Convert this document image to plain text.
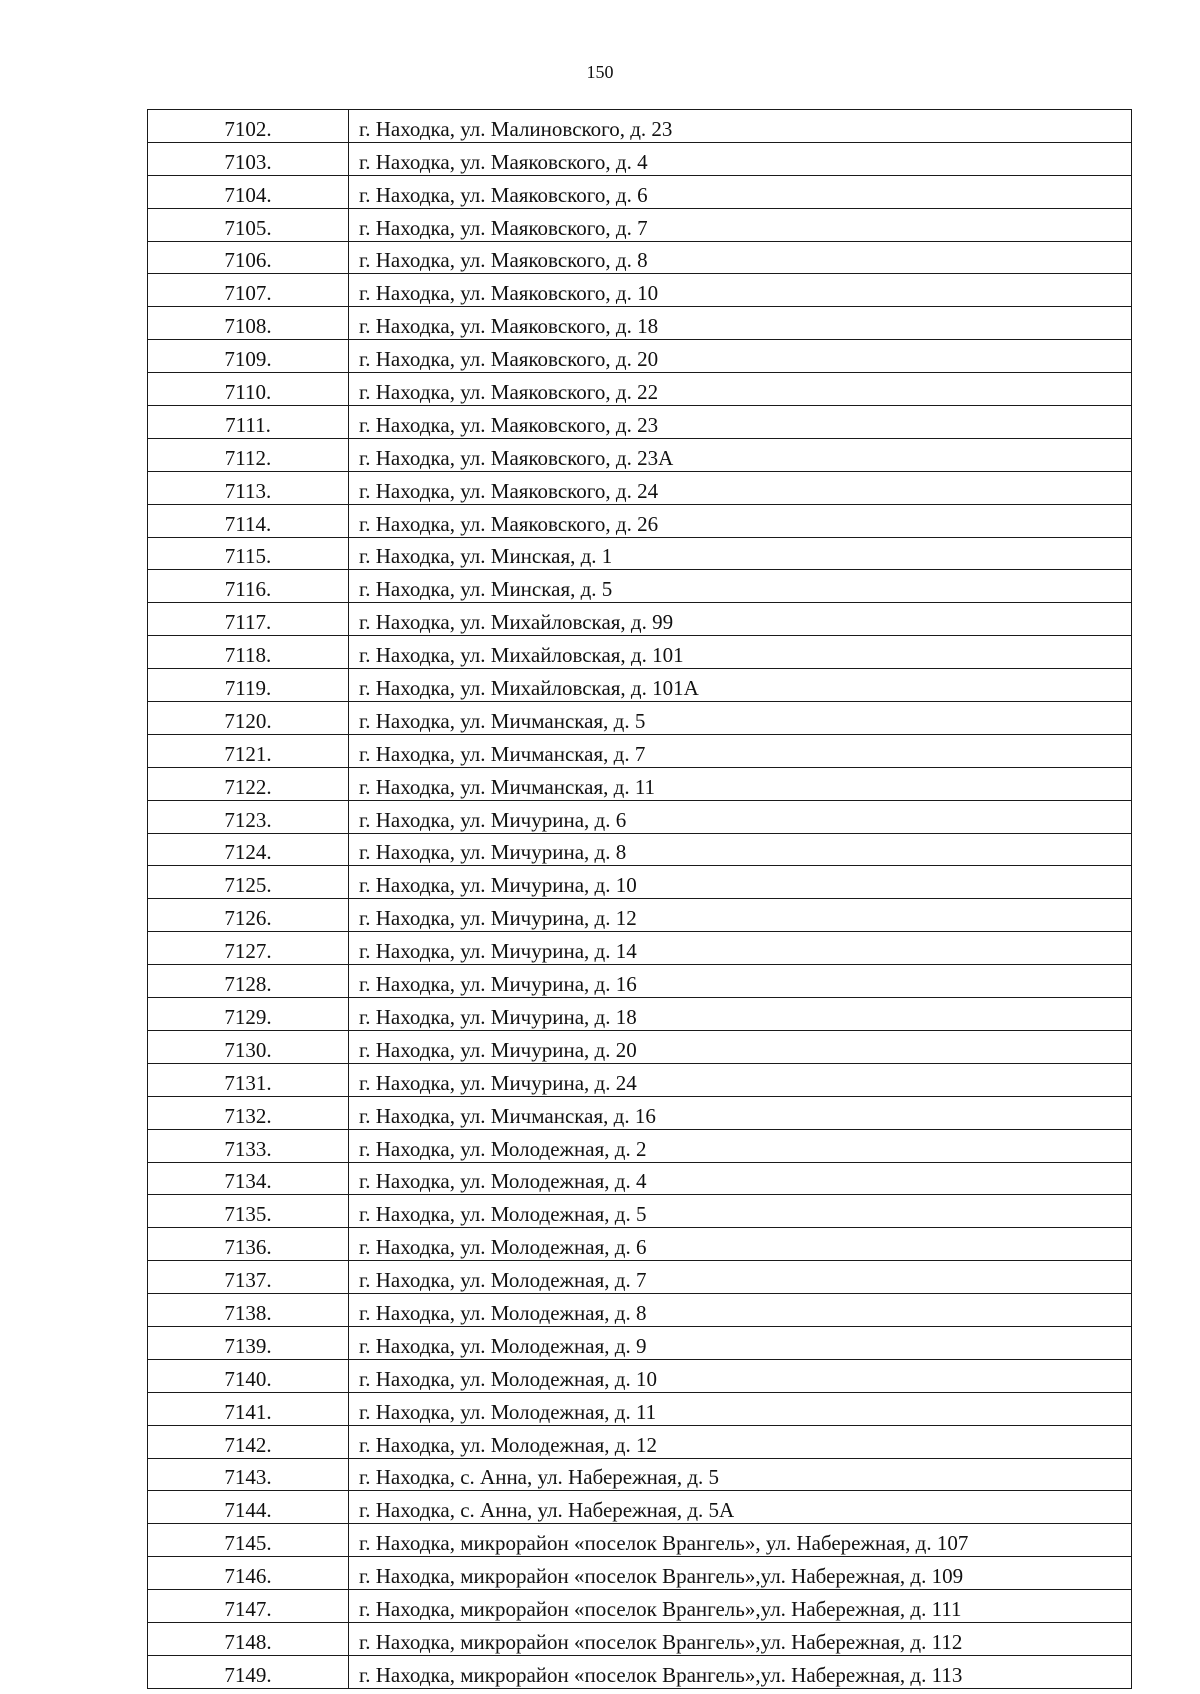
150
7102.	г. Находка, ул. Малиновского, д. 23
7103.	г. Находка, ул. Маяковского, д. 4
7104.	г. Находка, ул. Маяковского, д. 6
7105.	г. Находка, ул. Маяковского, д. 7
7106.	г. Находка, ул. Маяковского, д. 8
7107.	г. Находка, ул. Маяковского, д. 10
7108.	г. Находка, ул. Маяковского, д. 18
7109.	г. Находка, ул. Маяковского, д. 20
7110.	г. Находка, ул. Маяковского, д. 22
7111.	г. Находка, ул. Маяковского, д. 23
7112.	г. Находка, ул. Маяковского, д. 23А
7113.	г. Находка, ул. Маяковского, д. 24
7114.	г. Находка, ул. Маяковского, д. 26
7115.	г. Находка, ул. Минская, д. 1
7116.	г. Находка, ул. Минская, д. 5
7117.	г. Находка, ул. Михайловская, д. 99
7118.	г. Находка, ул. Михайловская, д. 101
7119.	г. Находка, ул. Михайловская, д. 101А
7120.	г. Находка, ул. Мичманская, д. 5
7121.	г. Находка, ул. Мичманская, д. 7
7122.	г. Находка, ул. Мичманская, д. 11
7123.	г. Находка, ул. Мичурина, д. 6
7124.	г. Находка, ул. Мичурина, д. 8
7125.	г. Находка, ул. Мичурина, д. 10
7126.	г. Находка, ул. Мичурина, д. 12
7127.	г. Находка, ул. Мичурина, д. 14
7128.	г. Находка, ул. Мичурина, д. 16
7129.	г. Находка, ул. Мичурина, д. 18
7130.	г. Находка, ул. Мичурина, д. 20
7131.	г. Находка, ул. Мичурина, д. 24
7132.	г. Находка, ул. Мичманская, д. 16
7133.	г. Находка, ул. Молодежная, д. 2
7134.	г. Находка, ул. Молодежная, д. 4
7135.	г. Находка, ул. Молодежная, д. 5
7136.	г. Находка, ул. Молодежная, д. 6
7137.	г. Находка, ул. Молодежная, д. 7
7138.	г. Находка, ул. Молодежная, д. 8
7139.	г. Находка, ул. Молодежная, д. 9
7140.	г. Находка, ул. Молодежная, д. 10
7141.	г. Находка, ул. Молодежная, д. 11
7142.	г. Находка, ул. Молодежная, д. 12
7143.	г. Находка, с. Анна, ул. Набережная, д. 5
7144.	г. Находка, с. Анна, ул. Набережная, д. 5А
7145.	г. Находка, микрорайон «поселок Врангель», ул. Набережная, д. 107
7146.	г. Находка, микрорайон «поселок Врангель»,ул. Набережная, д. 109
7147.	г. Находка, микрорайон «поселок Врангель»,ул. Набережная, д. 111
7148.	г. Находка, микрорайон «поселок Врангель»,ул. Набережная, д. 112
7149.	г. Находка, микрорайон «поселок Врангель»,ул. Набережная, д. 113
